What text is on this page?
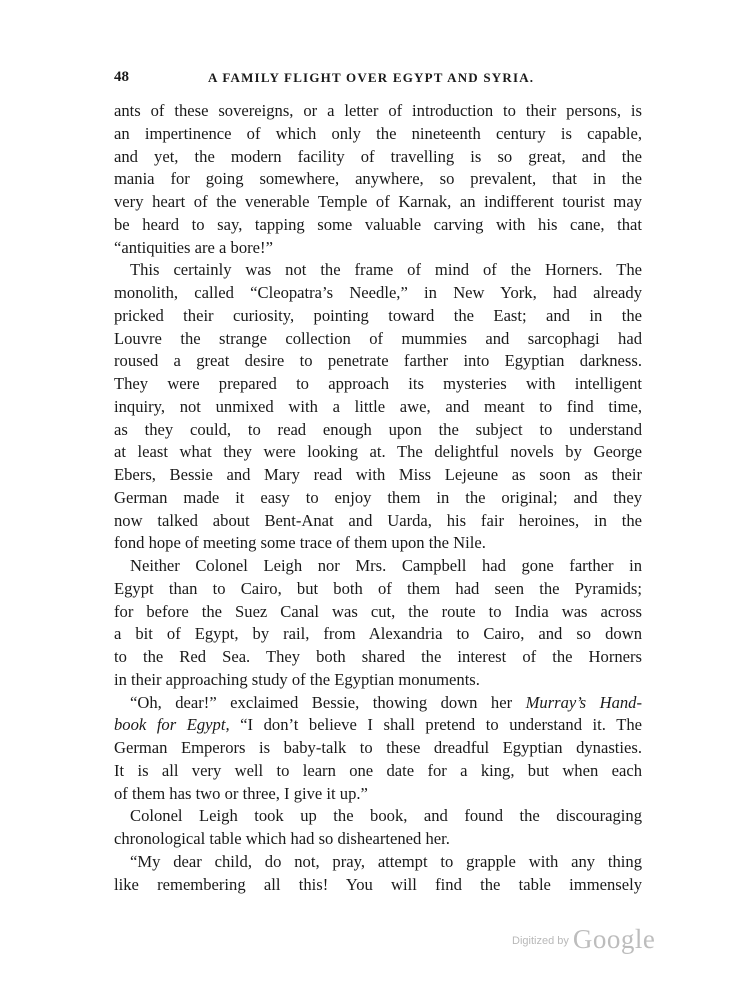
48	A FAMILY FLIGHT OVER EGYPT AND SYRIA.
ants of these sovereigns, or a letter of introduction to their persons, is
an impertinence of which only the nineteenth century is capable,
and yet, the modern facility of travelling is so great, and the
mania for going somewhere, anywhere, so prevalent, that in the
very heart of the venerable Temple of Karnak, an indifferent tourist may
be heard to say, tapping some valuable carving with his cane, that
“antiquities are a bore!”
This certainly was not the frame of mind of the Horners. The
monolith, called “Cleopatra’s Needle,” in New York, had already
pricked their curiosity, pointing toward the East; and in the
Louvre the strange collection of mummies and sarcophagi had
roused a great desire to penetrate farther into Egyptian darkness.
They were prepared to approach its mysteries with intelligent
inquiry, not unmixed with a little awe, and meant to find time,
as they could, to read enough upon the subject to understand
at least what they were looking at. The delightful novels by George
Ebers, Bessie and Mary read with Miss Lejeune as soon as their
German made it easy to enjoy them in the original; and they
now talked about Bent-Anat and Uarda, his fair heroines, in the
fond hope of meeting some trace of them upon the Nile.
Neither Colonel Leigh nor Mrs. Campbell had gone farther in
Egypt than to Cairo, but both of them had seen the Pyramids;
for before the Suez Canal was cut, the route to India was across
a bit of Egypt, by rail, from Alexandria to Cairo, and so down
to the Red Sea. They both shared the interest of the Horners
in their approaching study of the Egyptian monuments.
“Oh, dear!” exclaimed Bessie, thowing down her Murray’s Hand-
book for Egypt, “I don’t believe I shall pretend to understand it. The
German Emperors is baby-talk to these dreadful Egyptian dynasties.
It is all very well to learn one date for a king, but when each
of them has two or three, I give it up.”
Colonel Leigh took up the book, and found the discouraging
chronological table which had so disheartened her.
“My dear child, do not, pray, attempt to grapple with any thing
like remembering all this! You will find the table immensely
$^{Digitized by}$ Google
